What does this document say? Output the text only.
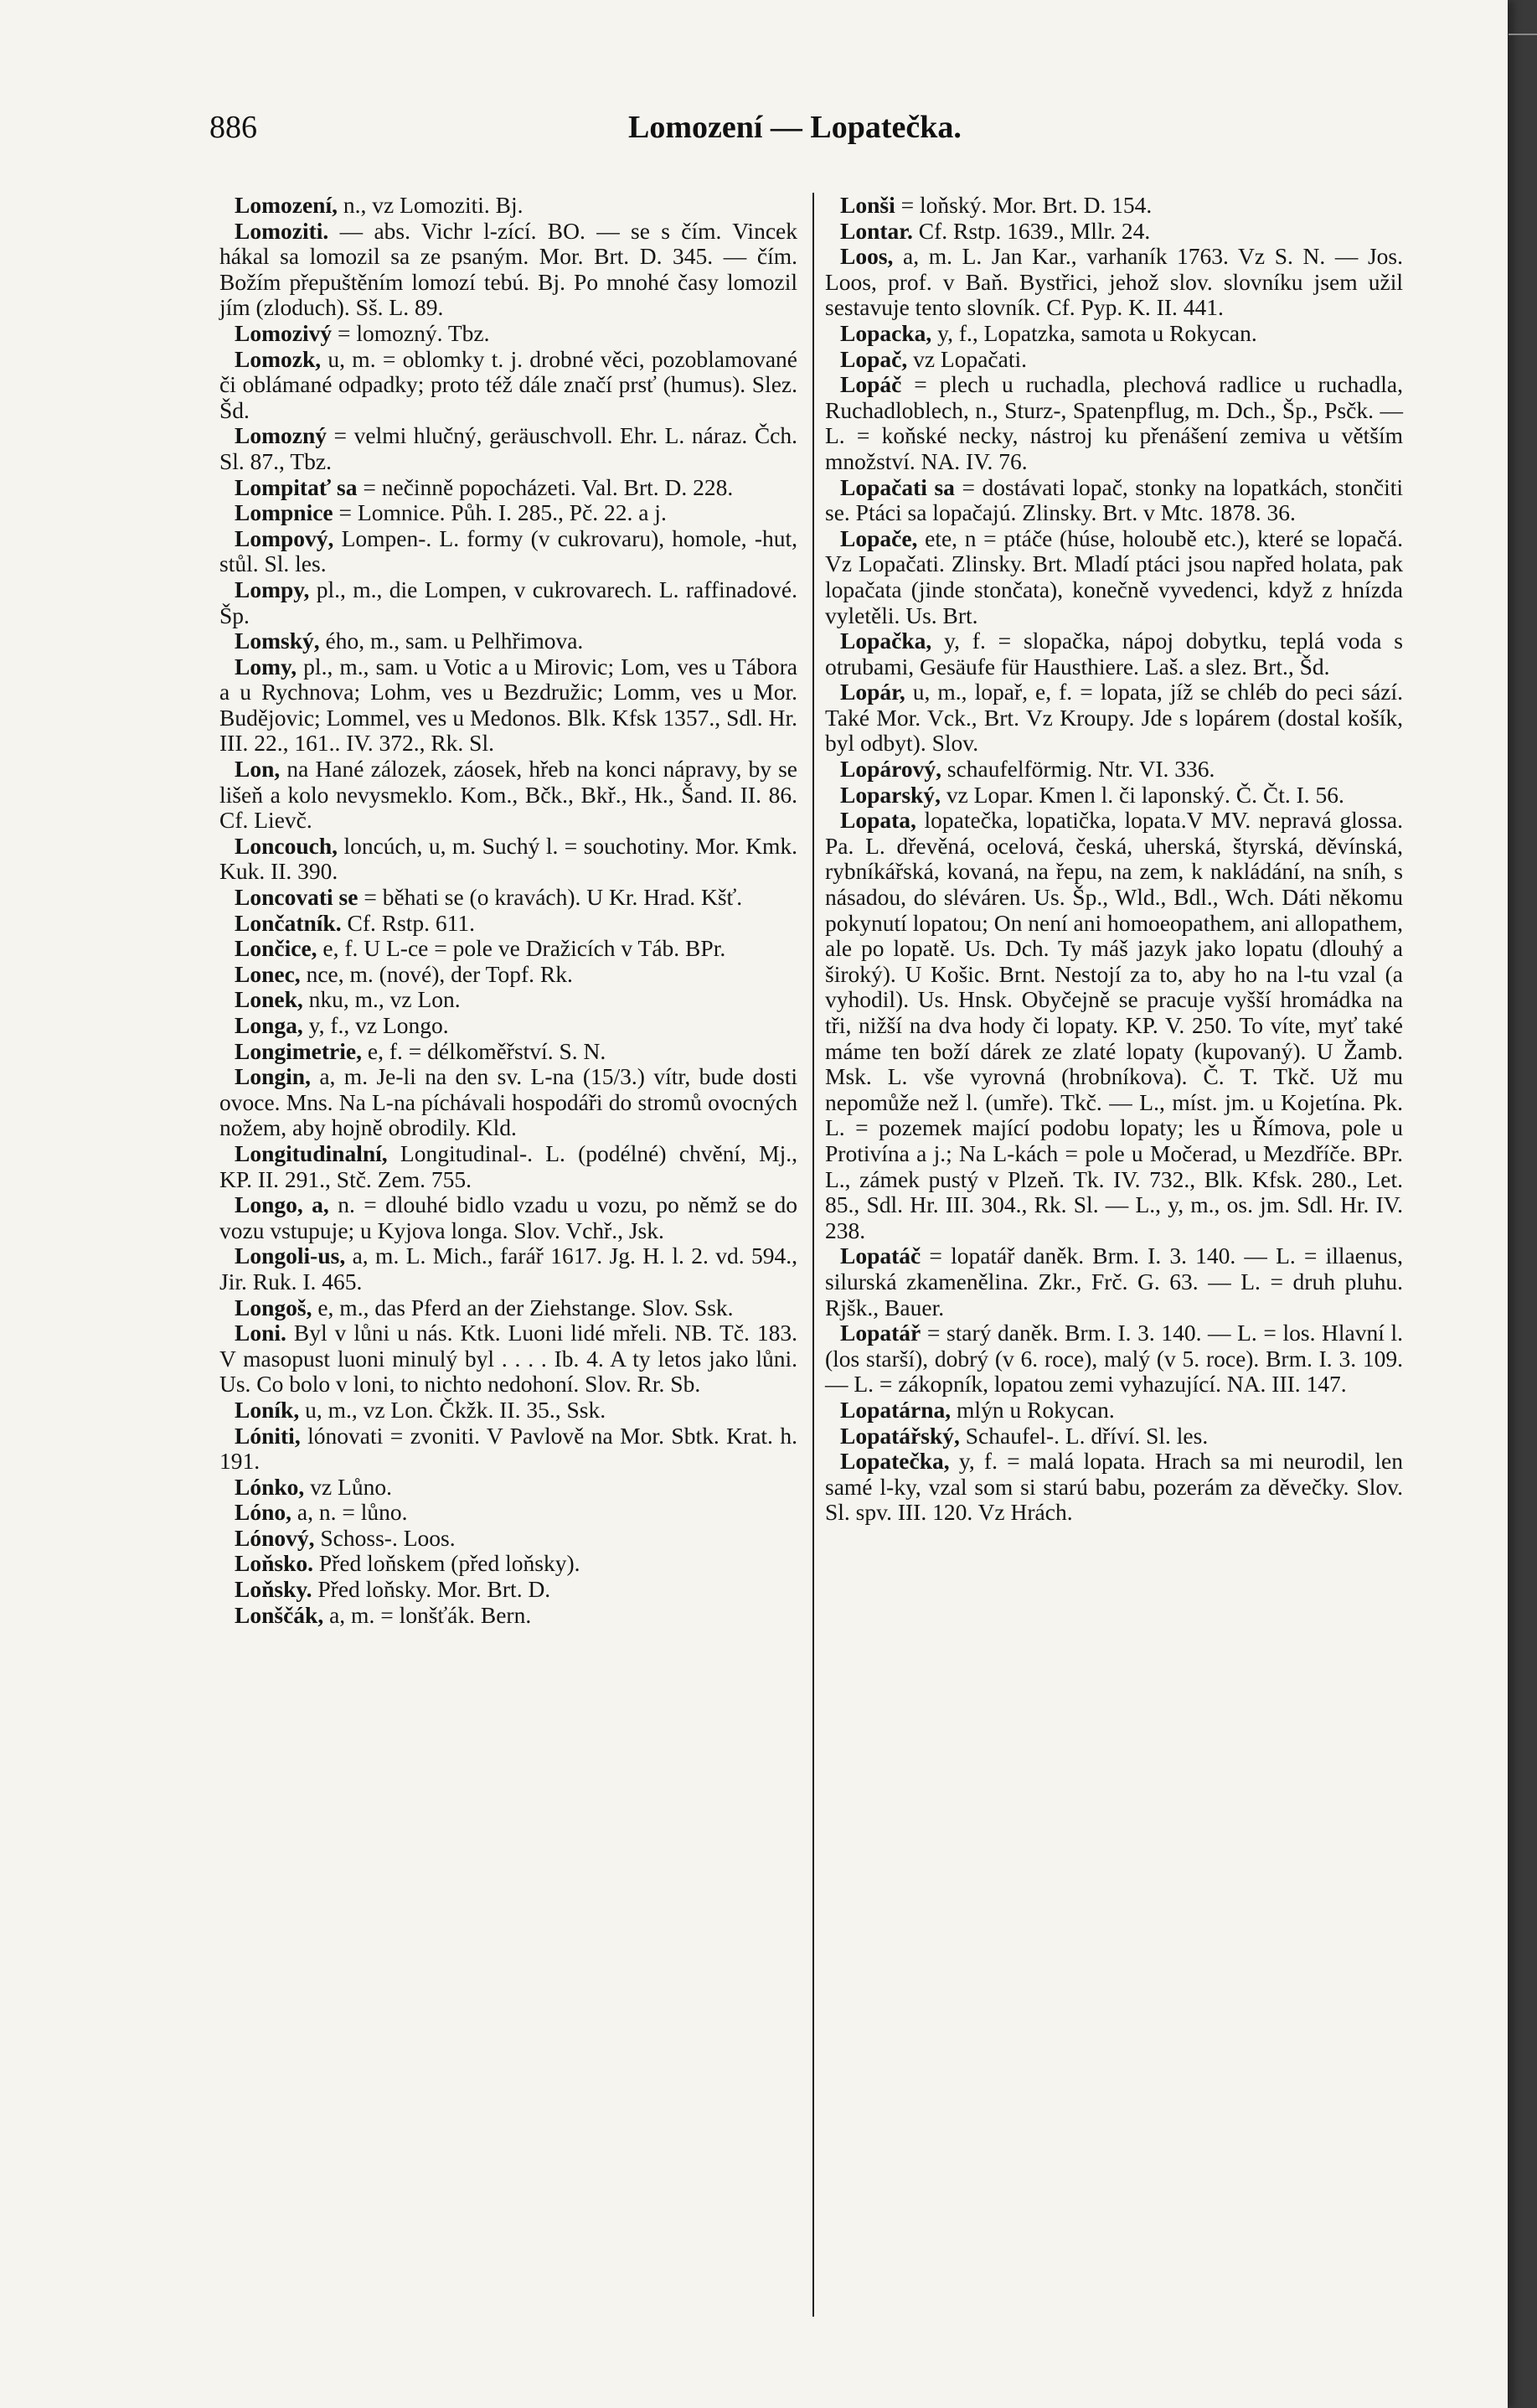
886	Lomození — Lopatečka.

Lomození, n., vz Lomoziti. Bj.

Lomoziti. — abs. Vichr l-zící. BO. — se s čím. Vincek hákal sa lomozil sa ze psaným. Mor. Brt. D. 345. — čím. Božím přepuštěním lomozí tebú. Bj. Po mnohé časy lomozil jím (zloduch). Sš. L. 89.

Lomozivý = lomozný. Tbz.

Lomozk, u, m. = oblomky t. j. drobné věci, pozoblamované či oblámané odpadky; proto též dále značí prsť (humus). Slez. Šd.

Lomozný = velmi hlučný, geräuschvoll. Ehr. L. náraz. Čch. Sl. 87., Tbz.

Lompitať sa = nečinně popocházeti. Val. Brt. D. 228.

Lompnice = Lomnice. Půh. I. 285., Pč. 22. a j.

Lompový, Lompen-. L. formy (v cukrovaru), homole, -hut, stůl. Sl. les.

Lompy, pl., m., die Lompen, v cukrovarech. L. raffinadové. Šp.

Lomský, ého, m., sam. u Pelhřimova.

Lomy, pl., m., sam. u Votic a u Mirovic; Lom, ves u Tábora a u Rychnova; Lohm, ves u Bezdružic; Lomm, ves u Mor. Budějovic; Lommel, ves u Medonos. Blk. Kfsk 1357., Sdl. Hr. III. 22., 161.. IV. 372., Rk. Sl.

Lon, na Hané zálozek, záosek, hřeb na konci nápravy, by se lišeň a kolo nevysmeklo. Kom., Bčk., Bkř., Hk., Šand. II. 86. Cf. Lievč.

Loncouch, loncúch, u, m. Suchý l. = souchotiny. Mor. Kmk. Kuk. II. 390.

Loncovati se = běhati se (o kravách). U Kr. Hrad. Kšť.

Lončatník. Cf. Rstp. 611.

Lončice, e, f. U L-ce = pole ve Dražicích v Táb. BPr.

Lonec, nce, m. (nové), der Topf. Rk.

Lonek, nku, m., vz Lon.

Longa, y, f., vz Longo.

Longimetrie, e, f. = délkoměřství. S. N.

Longin, a, m. Je-li na den sv. L-na (15/3.) vítr, bude dosti ovoce. Mns. Na L-na píchávali hospodáři do stromů ovocných nožem, aby hojně obrodily. Kld.

Longitudinalní, Longitudinal-. L. (podélné) chvění, Mj., KP. II. 291., Stč. Zem. 755.

Longo, a, n. = dlouhé bidlo vzadu u vozu, po němž se do vozu vstupuje; u Kyjova longa. Slov. Vchř., Jsk.

Longoli-us, a, m. L. Mich., farář 1617. Jg. H. l. 2. vd. 594., Jir. Ruk. I. 465.

Longoš, e, m., das Pferd an der Ziehstange. Slov. Ssk.

Loni. Byl v lůni u nás. Ktk. Luoni lidé mřeli. NB. Tč. 183. V masopust luoni minulý byl . . . . Ib. 4. A ty letos jako lůni. Us. Co bolo v loni, to nichto nedohoní. Slov. Rr. Sb.

Loník, u, m., vz Lon. Čkžk. II. 35., Ssk.

Lóniti, lónovati = zvoniti. V Pavlově na Mor. Sbtk. Krat. h. 191.

Lónko, vz Lůno.

Lóno, a, n. = lůno.

Lónový, Schoss-. Loos.

Loňsko. Před loňskem (před loňsky).

Loňsky. Před loňsky. Mor. Brt. D.

Lonščák, a, m. = lonšťák. Bern.

Lonši = loňský. Mor. Brt. D. 154.

Lontar. Cf. Rstp. 1639., Mllr. 24.

Loos, a, m. L. Jan Kar., varhaník 1763. Vz S. N. — Jos. Loos, prof. v Baň. Bystřici, jehož slov. slovníku jsem užil sestavuje tento slovník. Cf. Pyp. K. II. 441.

Lopacka, y, f., Lopatzka, samota u Rokycan.

Lopač, vz Lopačati.

Lopáč = plech u ruchadla, plechová radlice u ruchadla, Ruchadloblech, n., Sturz-, Spatenpflug, m. Dch., Šp., Psčk. — L. = koňské necky, nástroj ku přenášení zemiva u větším množství. NA. IV. 76.

Lopačati sa = dostávati lopač, stonky na lopatkách, stončiti se. Ptáci sa lopačajú. Zlinsky. Brt. v Mtc. 1878. 36.

Lopače, ete, n = ptáče (húse, holoubě etc.), které se lopačá. Vz Lopačati. Zlinsky. Brt. Mladí ptáci jsou napřed holata, pak lopačata (jinde stončata), konečně vyvedenci, když z hnízda vyletěli. Us. Brt.

Lopačka, y, f. = slopačka, nápoj dobytku, teplá voda s otrubami, Gesäufe für Hausthiere. Laš. a slez. Brt., Šd.

Lopár, u, m., lopař, e, f. = lopata, jíž se chléb do peci sází. Také Mor. Vck., Brt. Vz Kroupy. Jde s lopárem (dostal košík, byl odbyt). Slov.

Lopárový, schaufelförmig. Ntr. VI. 336.

Loparský, vz Lopar. Kmen l. či laponský. Č. Čt. I. 56.

Lopata, lopatečka, lopatička, lopata.V MV. nepravá glossa. Pa. L. dřevěná, ocelová, česká, uherská, štyrská, děvínská, rybníkářská, kovaná, na řepu, na zem, k nakládání, na sníh, s násadou, do sléváren. Us. Šp., Wld., Bdl., Wch. Dáti někomu pokynutí lopatou; On není ani homoeopathem, ani allopathem, ale po lopatě. Us. Dch. Ty máš jazyk jako lopatu (dlouhý a široký). U Košic. Brnt. Nestojí za to, aby ho na l-tu vzal (a vyhodil). Us. Hnsk. Obyčejně se pracuje vyšší hromádka na tři, nižší na dva hody či lopaty. KP. V. 250. To víte, myť také máme ten boží dárek ze zlaté lopaty (kupovaný). U Žamb. Msk. L. vše vyrovná (hrobníkova). Č. T. Tkč. Už mu nepomůže než l. (umře). Tkč. — L., míst. jm. u Kojetína. Pk. L. = pozemek mající podobu lopaty; les u Římova, pole u Protivína a j.; Na L-kách = pole u Močerad, u Mezdříče. BPr. L., zámek pustý v Plzeň. Tk. IV. 732., Blk. Kfsk. 280., Let. 85., Sdl. Hr. III. 304., Rk. Sl. — L., y, m., os. jm. Sdl. Hr. IV. 238.

Lopatáč = lopatář daněk. Brm. I. 3. 140. — L. = illaenus, silurská zkamenělina. Zkr., Frč. G. 63. — L. = druh pluhu. Rjšk., Bauer.

Lopatář = starý daněk. Brm. I. 3. 140. — L. = los. Hlavní l. (los starší), dobrý (v 6. roce), malý (v 5. roce). Brm. I. 3. 109. — L. = zákopník, lopatou zemi vyhazující. NA. III. 147.

Lopatárna, mlýn u Rokycan.

Lopatářský, Schaufel-. L. dříví. Sl. les.

Lopatečka, y, f. = malá lopata. Hrach sa mi neurodil, len samé l-ky, vzal som si starú babu, pozerám za děvečky. Slov. Sl. spv. III. 120. Vz Hrách.
